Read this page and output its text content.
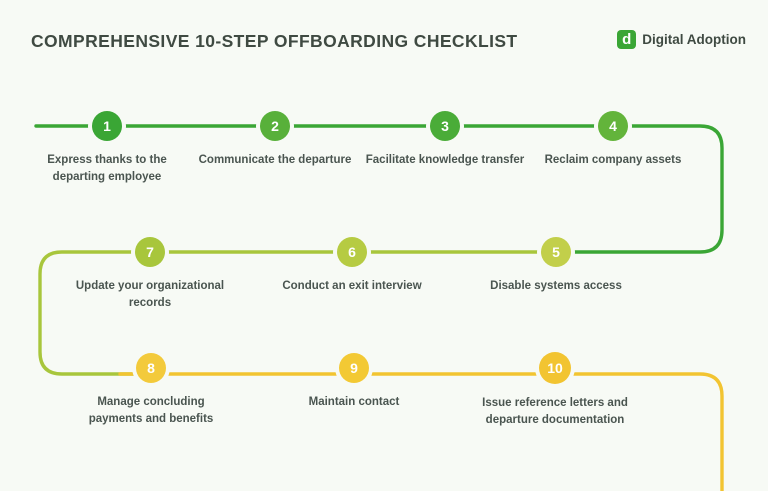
COMPREHENSIVE 10-STEP OFFBOARDING CHECKLIST d	Digital Adoption
1
Express thanks to the departing employee
2
Communicate the departure
3
Facilitate knowledge transfer
4
Reclaim company assets
5
Disable systems access
6
Conduct an exit interview
7
Update your organizational records
8
Manage concluding payments and benefits
9
Maintain contact
10
Issue reference letters and departure documentation
